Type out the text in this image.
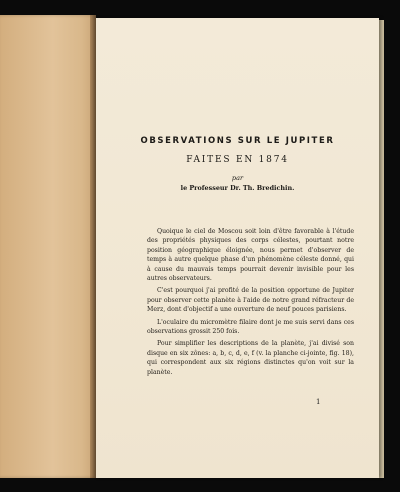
OBSERVATIONS SUR LE JUPITER
FAITES EN 1874
par
le Professeur Dr. Th. Bredichin.

Quoique le ciel de Moscou soit loin d'être favorable à l'étude des propriétés physiques des corps célestes, pourtant notre position géographique éloignée, nous permet d'observer de temps à autre quelque phase d'un phénomène céleste donné, qui à cause du mauvais temps pourrait devenir invisible pour les autres observateurs.

C'est pourquoi j'ai profité de la position opportune de Jupiter pour observer cette planète à l'aide de notre grand réfracteur de Merz, dont d'objectif a une ouverture de neuf pouces parisiens.

L'oculaire du micromètre filaire dont je me suis servi dans ces observations grossit 250 fois.

Pour simplifier les descriptions de la planète, j'ai divisé son disque en six zônes: a, b, c, d, e, f (v. la planche ci-jointe, fig. 18), qui correspondent aux six régions distinctes qu'on voit sur la planète.

1
